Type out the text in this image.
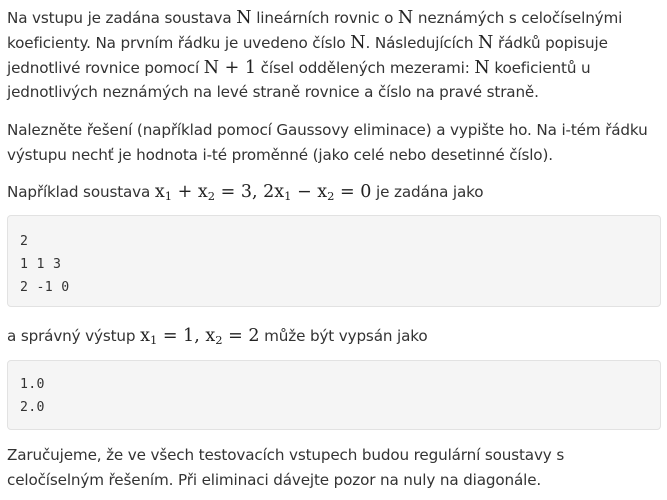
Na vstupu je zadána soustava N lineárních rovnic o N neznámých s celočíselnými koeficienty. Na prvním řádku je uvedeno číslo N. Následujících N řádků popisuje jednotlivé rovnice pomocí N + 1 čísel oddělených mezerami: N koeficientů u jednotlivých neznámých na levé straně rovnice a číslo na pravé straně.

Nalezněte řešení (například pomocí Gaussovy eliminace) a vypište ho. Na i-tém řádku výstupu nechť je hodnota i-té proměnné (jako celé nebo desetinné číslo).

Například soustava $x_1 + x_2 = 3$, $2x_1 - x_2 = 0$ je zadána jako

2
1 1 3
2 -1 0

a správný výstup $x_1 = 1$, $x_2 = 2$ může být vypsán jako

1.0
2.0

Zaručujeme, že ve všech testovacích vstupech budou regulární soustavy s celočíselným řešením. Při eliminaci dávejte pozor na nuly na diagonále.
